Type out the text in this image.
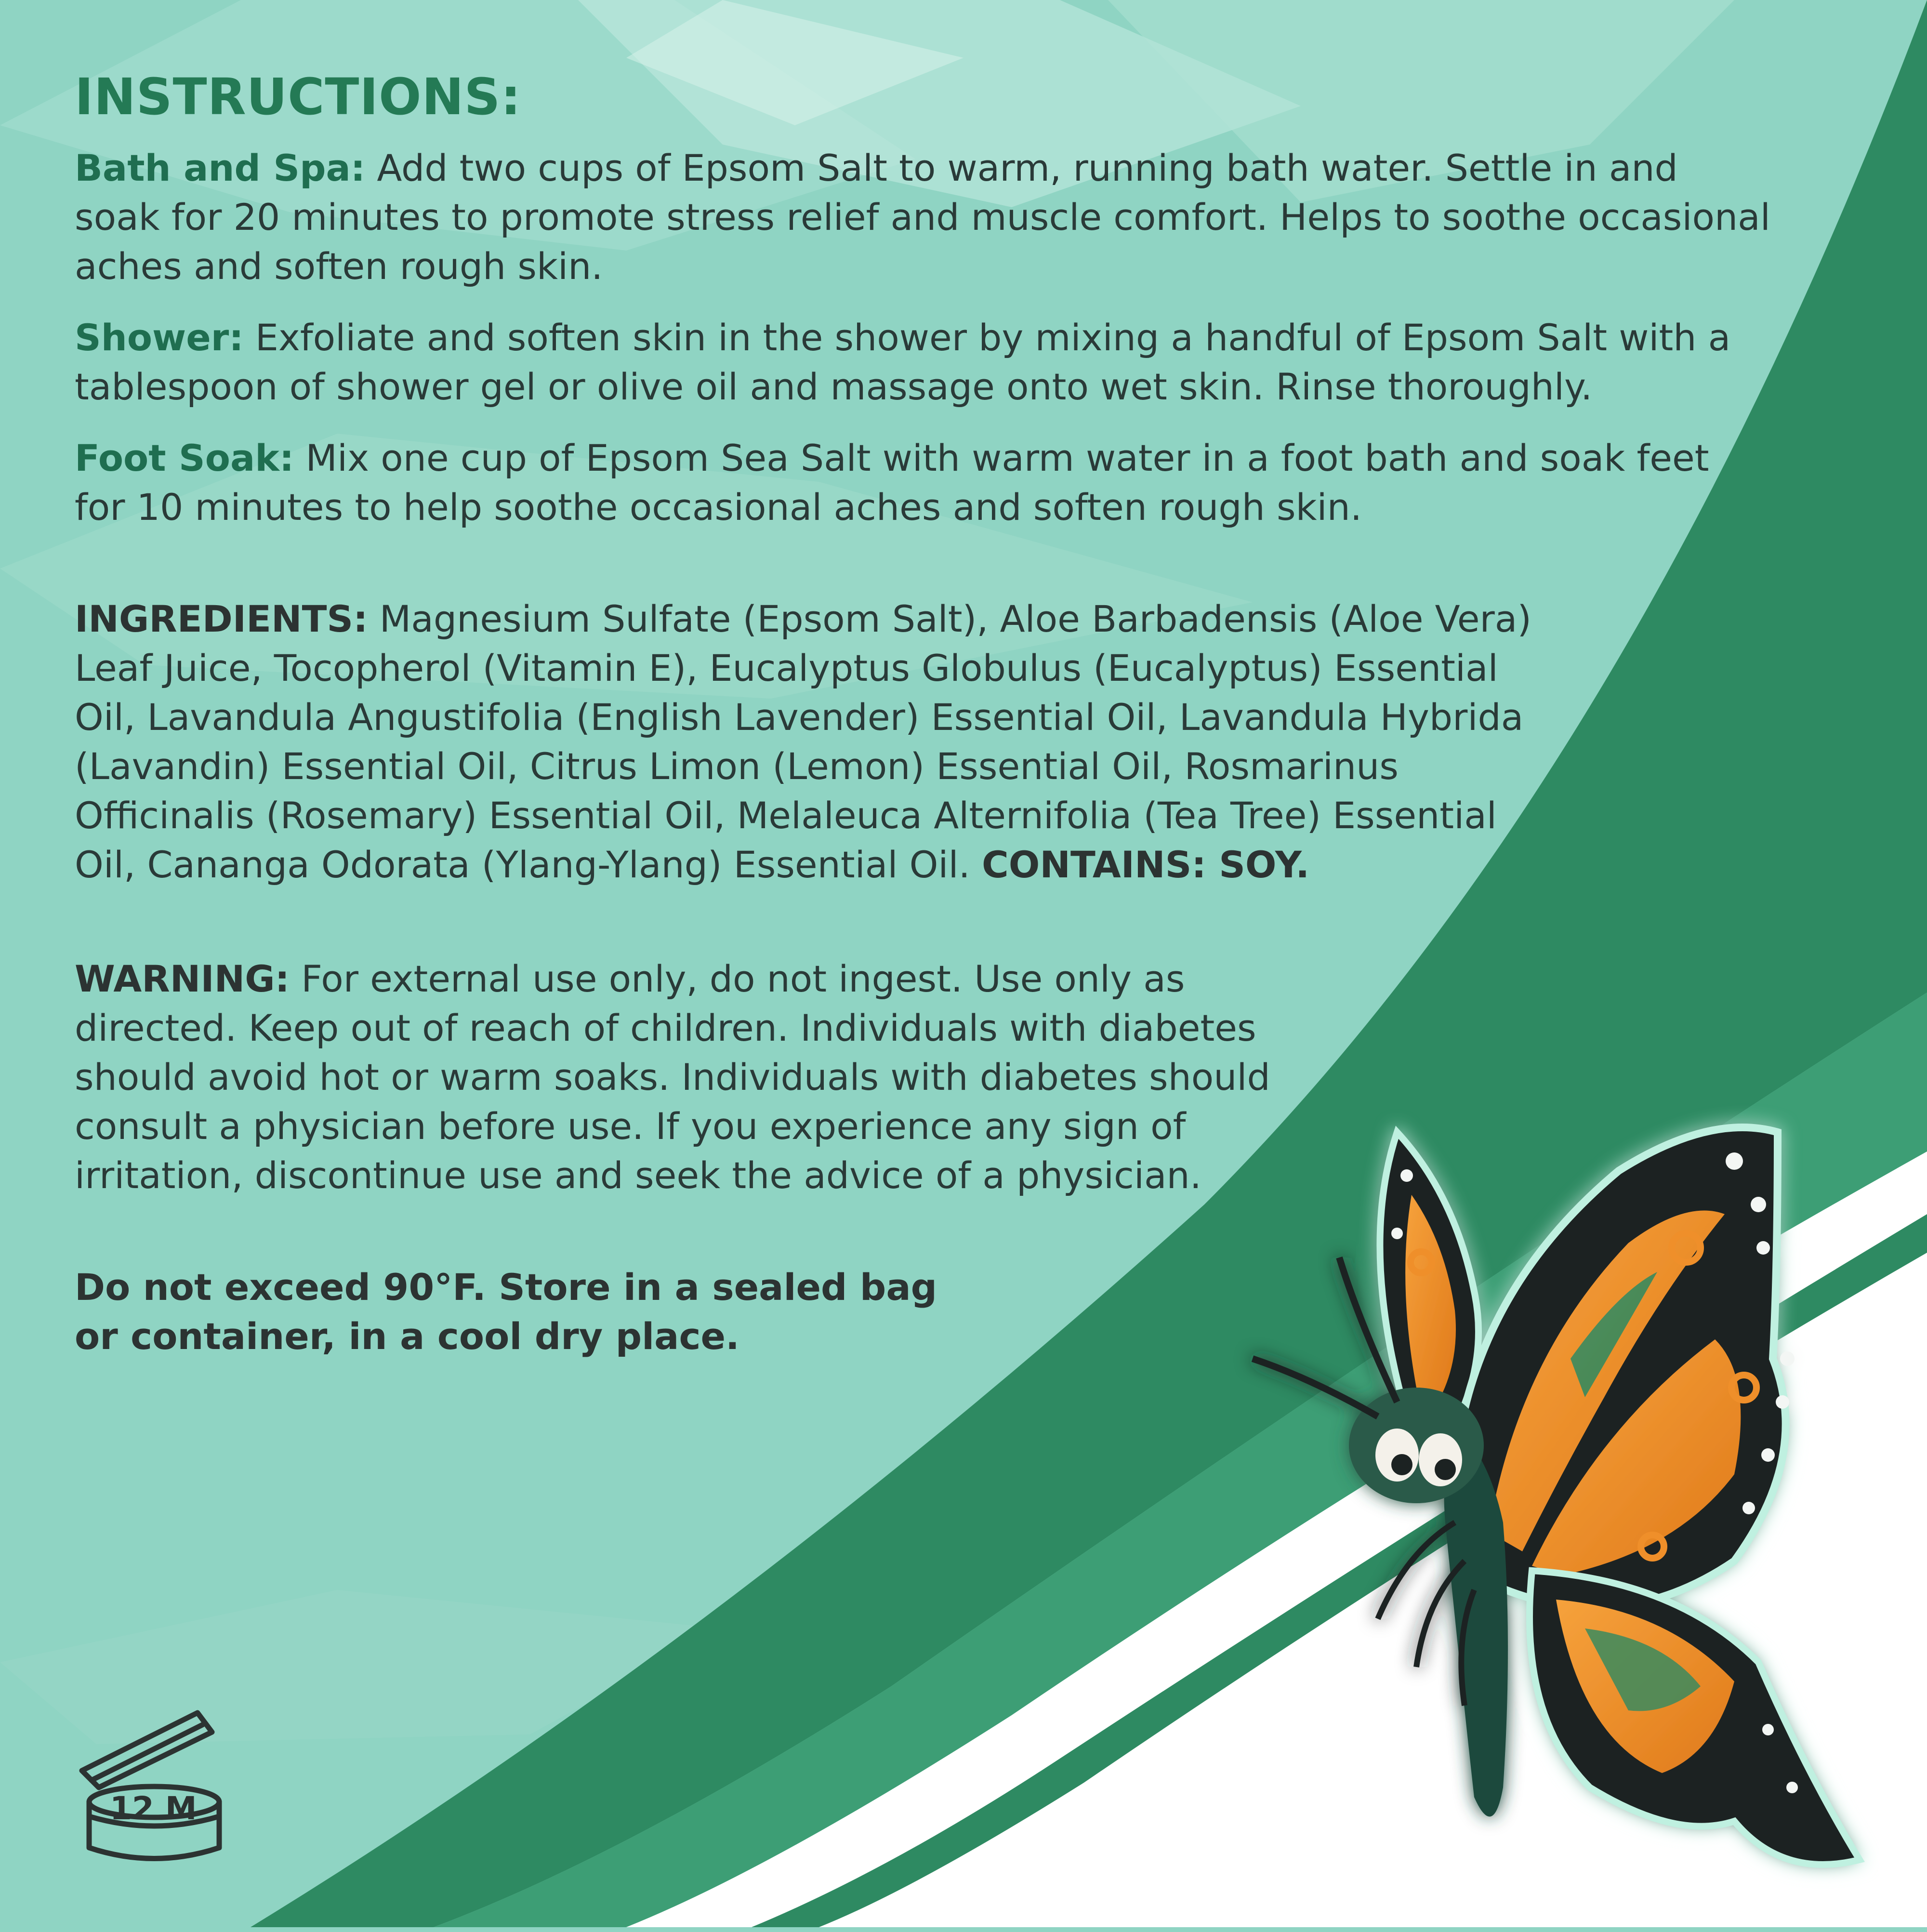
INSTRUCTIONS:

Bath and Spa: Add two cups of Epsom Salt to warm, running bath water. Settle in and soak for 20 minutes to promote stress relief and muscle comfort. Helps to soothe occasional aches and soften rough skin.

Shower: Exfoliate and soften skin in the shower by mixing a handful of Epsom Salt with a tablespoon of shower gel or olive oil and massage onto wet skin. Rinse thoroughly.

Foot Soak: Mix one cup of Epsom Sea Salt with warm water in a foot bath and soak feet for 10 minutes to help soothe occasional aches and soften rough skin.

INGREDIENTS: Magnesium Sulfate (Epsom Salt), Aloe Barbadensis (Aloe Vera) Leaf Juice, Tocopherol (Vitamin E), Eucalyptus Globulus (Eucalyptus) Essential Oil, Lavandula Angustifolia (English Lavender) Essential Oil, Lavandula Hybrida (Lavandin) Essential Oil, Citrus Limon (Lemon) Essential Oil, Rosmarinus Officinalis (Rosemary) Essential Oil, Melaleuca Alternifolia (Tea Tree) Essential Oil, Cananga Odorata (Ylang-Ylang) Essential Oil. CONTAINS: SOY.

WARNING: For external use only, do not ingest. Use only as directed. Keep out of reach of children. Individuals with diabetes should avoid hot or warm soaks. Individuals with diabetes should consult a physician before use. If you experience any sign of irritation, discontinue use and seek the advice of a physician.

Do not exceed 90°F. Store in a sealed bag

or container, in a cool dry place.

12 M
